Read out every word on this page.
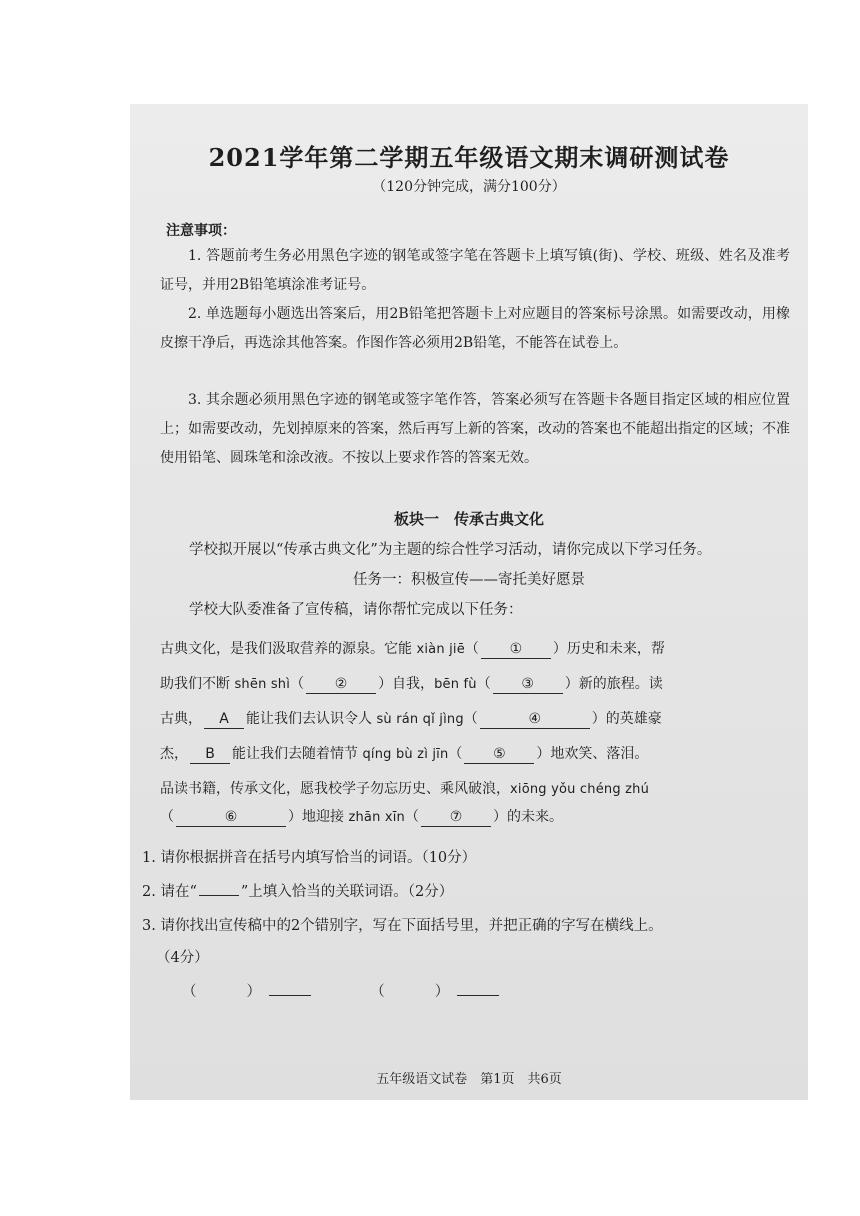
2021学年第二学期五年级语文期末调研测试卷
（120分钟完成，满分100分）
注意事项：

1. 答题前考生务必用黑色字迹的钢笔或签字笔在答题卡上填写镇(街)、学校、班级、姓名及准考证号，并用2B铅笔填涂准考证号。

2. 单选题每小题选出答案后，用2B铅笔把答题卡上对应题目的答案标号涂黑。如需要改动，用橡皮擦干净后，再选涂其他答案。作图作答必须用2B铅笔，不能答在试卷上。

3. 其余题必须用黑色字迹的钢笔或签字笔作答，答案必须写在答题卡各题目指定区域的相应位置上；如需要改动，先划掉原来的答案，然后再写上新的答案，改动的答案也不能超出指定的区域；不准使用铅笔、圆珠笔和涂改液。不按以上要求作答的答案无效。

板块一　传承古典文化

学校拟开展以“传承古典文化”为主题的综合性学习活动，请你完成以下学习任务。

任务一：积极宣传——寄托美好愿景

学校大队委准备了宣传稿，请你帮忙完成以下任务：

古典文化，是我们汲取营养的源泉。它能 xiàn jiē（ ① ）历史和未来，帮

助我们不断 shēn shì（ ② ）自我，bēn fù（ ③ ）新的旅程。读

古典， A 能让我们去认识令人 sù rán qǐ jìng（	④	）的英雄豪

杰， B 能让我们去随着情节 qíng bù zì jīn（ ⑤ ）地欢笑、落泪。

品读书籍，传承文化，愿我校学子勿忘历史、乘风破浪，xiōng yǒu chéng zhú

（	⑥	）地迎接 zhān xīn（ ⑦ ）的未来。

1. 请你根据拼音在括号内填写恰当的词语。（10分）

2. 请在“	”上填入恰当的关联词语。（2分）

3. 请你找出宣传稿中的2个错别字，写在下面括号里，并把正确的字写在横线上。

（4分）

（	）	（	）
五年级语文试卷　第1页　共6页
